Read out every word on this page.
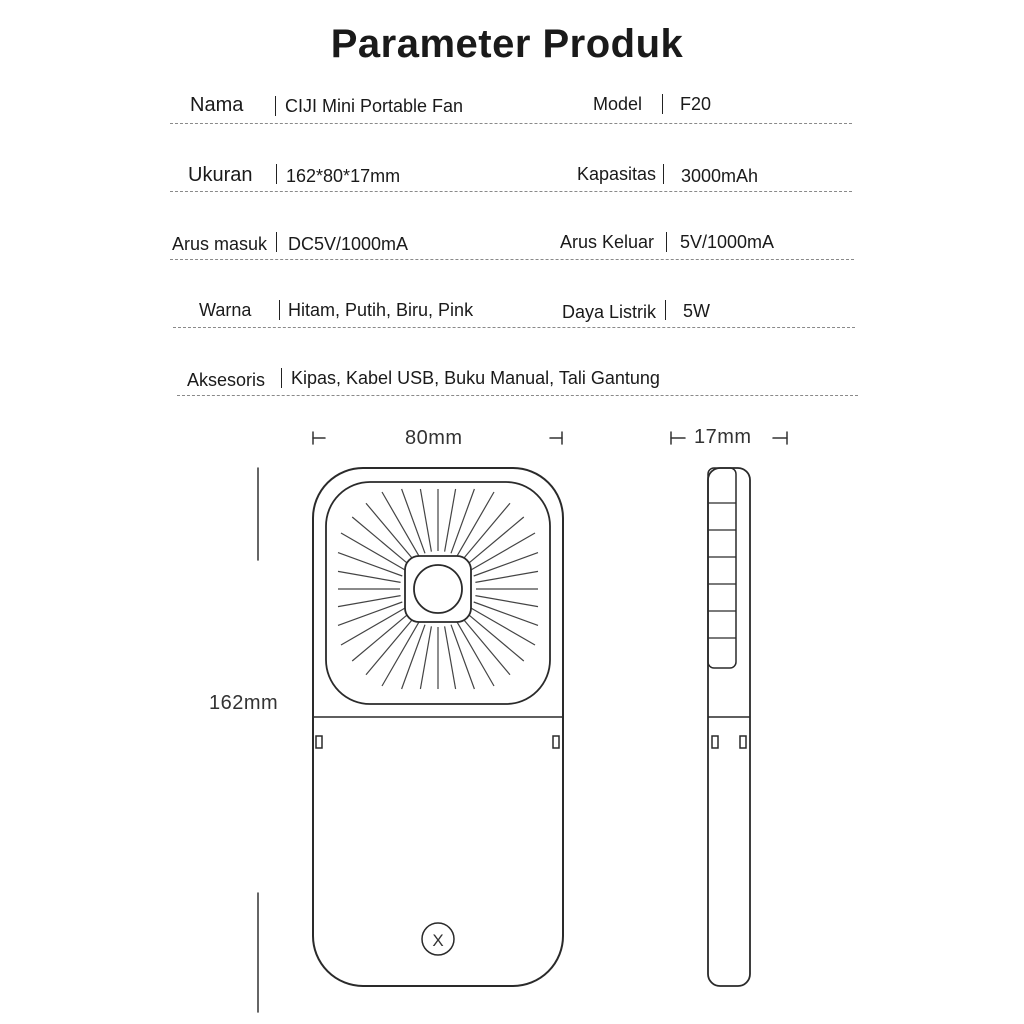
Parameter Produk
Nama CIJI Mini Portable Fan	Model F20
Ukuran 162*80*17mm	Kapasitas 3000mAh
Arus masuk DC5V/1000mA	Arus Keluar 5V/1000mA
Warna Hitam, Putih, Biru, Pink	Daya Listrik 5W
Aksesoris Kipas, Kabel USB, Buku Manual, Tali Gantung
80mm	17mm
162mm
X
